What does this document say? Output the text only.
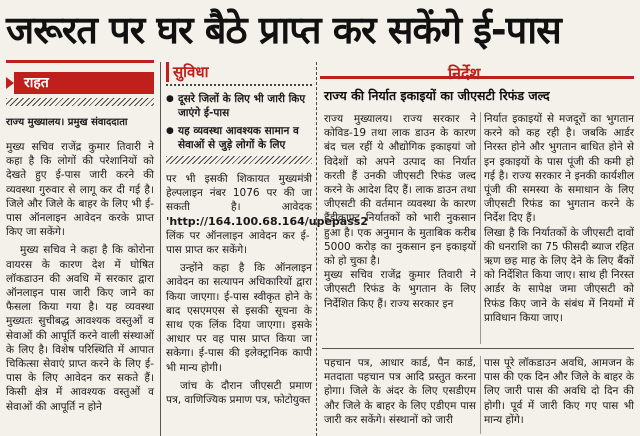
जरूरत पर घर बैठे प्राप्त कर सकेंगे ई-पास
राहत
राज्य मुख्यालय। प्रमुख संवाददाता

मुख्य सचिव राजेंद्र कुमार तिवारी ने कहा है कि लोगों की परेशानियों को देखते हुए ई-पास जारी करने की व्यवस्था गुरुवार से लागू कर दी गई है। जिले और जिले के बाहर के लिए भी ई-पास ऑनलाइन आवेदन करके प्राप्त किए जा सकेंगे।

मुख्य सचिव ने कहा है कि कोरोना वायरस के कारण देश में घोषित लॉकडाउन की अवधि में सरकार द्वारा ऑनलाइन पास जारी किए जाने का फैसला किया गया है। यह व्यवस्था मुख्यतः सुचीबद्ध आवश्यक वस्तुओं व सेवाओं की आपूर्ति करने वाली संस्थाओं के लिए है। विशेष परिस्थिति में आपात चिकित्सा सेवाएं प्राप्त करने के लिए ई-पास के लिए आवेदन कर सकते हैं। किसी क्षेत्र में आवश्यक वस्तुओं व सेवाओं की आपूर्ति न होने

सुविधा
● दूसरे जिलों के लिए भी जारी किए जाएंगे ई-पास
● यह व्यवस्था आवश्यक सामान व सेवाओं से जुड़े लोगों के लिए

पर भी इसकी शिकायत मुख्यमंत्री हेल्पलाइन नंबर 1076 पर की जा सकती है। आवेदक 'http://164.100.68.164/upepass2 लिंक पर ऑनलाइन आवेदन कर ई-पास प्राप्त कर सकेंगे।

उन्होंने कहा है कि ऑनलाइन आवेदन का सत्यापन अधिकारियों द्वारा किया जाएगा। ई-पास स्वीकृत होने के बाद एसएमएस से इसकी सूचना के साथ एक लिंक दिया जाएगा। इसके आधार पर वह पास प्राप्त किया जा सकेगा। ई-पास की इलेक्ट्रानिक कापी भी मान्य होगी।

जांच के दौरान जीएसटी प्रमाण पत्र, वाणिज्यिक प्रमाण पत्र, फोटोयुक्त

निर्देश
राज्य की निर्यात इकाइयों का जीएसटी रिफंड जल्द
राज्य मुख्यालय। राज्य सरकार ने कोविड-19 तथा लाक डाउन के कारण बंद चल रहीं ये औद्योगिक इकाइयां जो विदेशों को अपने उत्पाद का निर्यात करती हैं उनकी जीएसटी रिफंड जल्द करने के आदेश दिए हैं। लाक डाउन तथा जीएसटी की वर्तमान व्यवस्था के कारण हैंडीक्राफ्ट निर्यातकों को भारी नुकसान हुआ है। एक अनुमान के मुताबिक करीब 5000 करोड़ का नुकसान इन इकाइयों को हो चुका है।
मुख्य सचिव राजेंद्र कुमार तिवारी ने जीएसटी रिफंड के भुगतान के लिए निर्देशित किए हैं। राज्य सरकार इन
निर्यात इकाइयों से मजदूरों का भुगतान करने को कह रही है। जबकि आर्डर निरस्त होने और भुगतान बाधित होने से इन इकाइयों के पास पूंजी की कमी हो गई है। राज्य सरकार ने इनकी कार्यशील पूंजी की समस्या के समाधान के लिए जीएसटी रिफंड का भुगतान करने के निर्देश दिए हैं।
लिखा है कि निर्यातकों के जीएसटी दावों की धनराशि का 75 फीसदी ब्याज रहित ऋण छह माह के लिए देने के लिए बैंकों को निर्देशित किया जाए। साथ ही निरस्त आर्डर के सापेक्ष जमा जीएसटी को रिफंड किए जाने के संबंध में नियमों में प्राविधान किया जाए।
पहचान पत्र, आधार कार्ड, पैन कार्ड, मतदाता पहचान पत्र आदि प्रस्तुत करना होगा। जिले के अंदर के लिए एसडीएम और जिले के बाहर के लिए एडीएम पास जारी कर सकेंगे। संस्थानों को जारी
पास पूरे लॉकडाउन अवधि, आमजन के पास की एक दिन और जिले के बाहर के लिए जारी पास की अवधि दो दिन की होगी। पूर्व में जारी किए गए पास भी मान्य होंगे।
